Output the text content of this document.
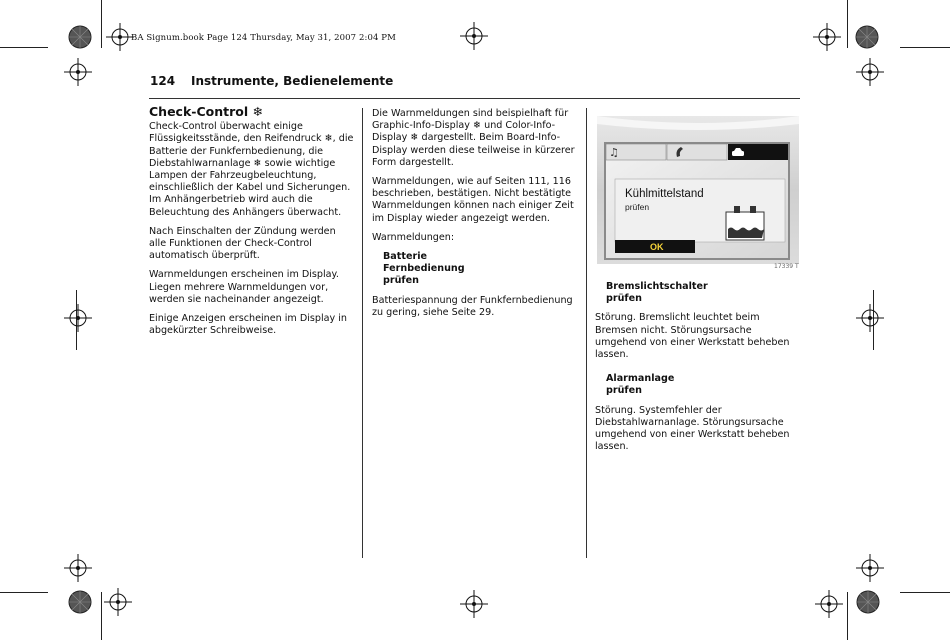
BA Signum.book Page 124 Thursday, May 31, 2007 2:04 PM
124 Instrumente, Bedienelemente
Check-Control ❄

Check-Control überwacht einige Flüssigkeitsstände, den Reifendruck ❄, die Batterie der Funkfernbedienung, die Diebstahlwarnanlage ❄ sowie wichtige Lampen der Fahrzeugbeleuchtung, einschließlich der Kabel und Sicherungen. Im Anhängerbetrieb wird auch die Beleuchtung des Anhängers überwacht.

Nach Einschalten der Zündung werden alle Funktionen der Check-Control automatisch überprüft.

Warnmeldungen erscheinen im Display. Liegen mehrere Warnmeldungen vor, werden sie nacheinander angezeigt.

Einige Anzeigen erscheinen im Display in abgekürzter Schreibweise.

Die Warnmeldungen sind beispielhaft für Graphic-Info-Display ❄ und Color-Info-Display ❄ dargestellt. Beim Board-Info-Display werden diese teilweise in kürzerer Form dargestellt.

Warnmeldungen, wie auf Seiten 111, 116 beschrieben, bestätigen. Nicht bestätigte Warnmeldungen können nach einiger Zeit im Display wieder angezeigt werden.

Warnmeldungen:

Batterie
Fernbedienung
prüfen

Batteriespannung der Funkfernbedienung zu gering, siehe Seite 29.

♫
Kühlmittelstand
prüfen
OK
17339 T
Bremslichtschalter
prüfen

Störung. Bremslicht leuchtet beim Bremsen nicht. Störungsursache umgehend von einer Werkstatt beheben lassen.

Alarmanlage
prüfen

Störung. Systemfehler der Diebstahlwarnanlage. Störungsursache umgehend von einer Werkstatt beheben lassen.
